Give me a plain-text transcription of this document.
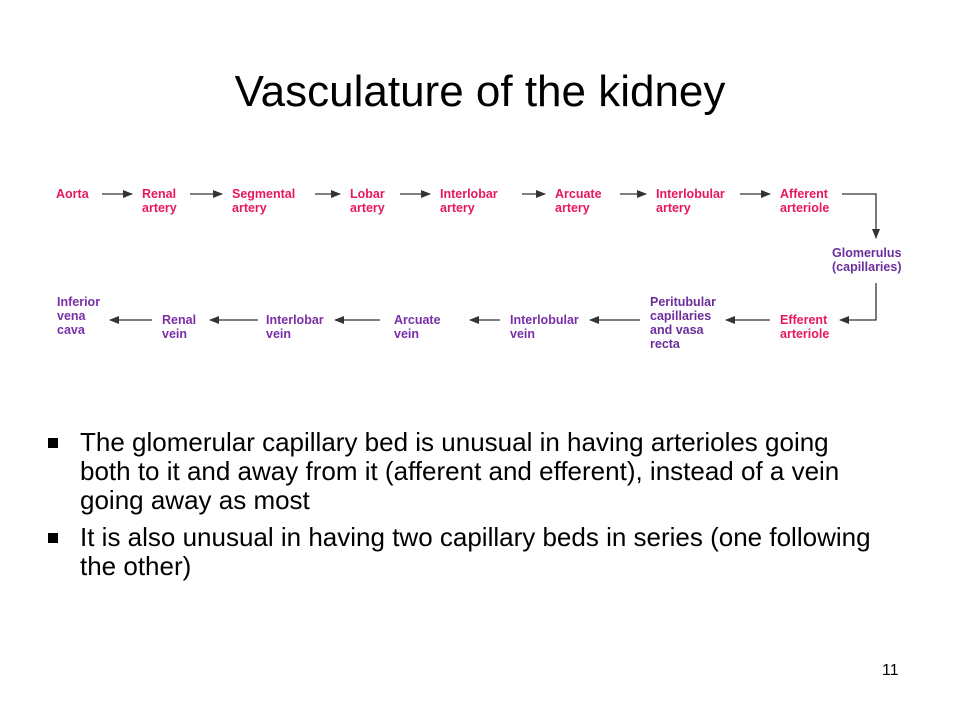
Vasculature of the kidney
Aorta	Renal artery
Segmental artery
Lobar artery
Interlobar artery
Arcuate artery
Interlobular artery
Afferent arteriole
Glomerulus (capillaries)
Inferior vena cava
Renal vein
Interlobar vein
Arcuate vein
Interlobular vein
Peritubular capillaries and vasa recta
Efferent arteriole
The glomerular capillary bed is unusual in having arterioles going both to it and away from it (afferent and efferent), instead of a vein going away as most
It is also unusual in having two capillary beds in series (one following the other)
11
